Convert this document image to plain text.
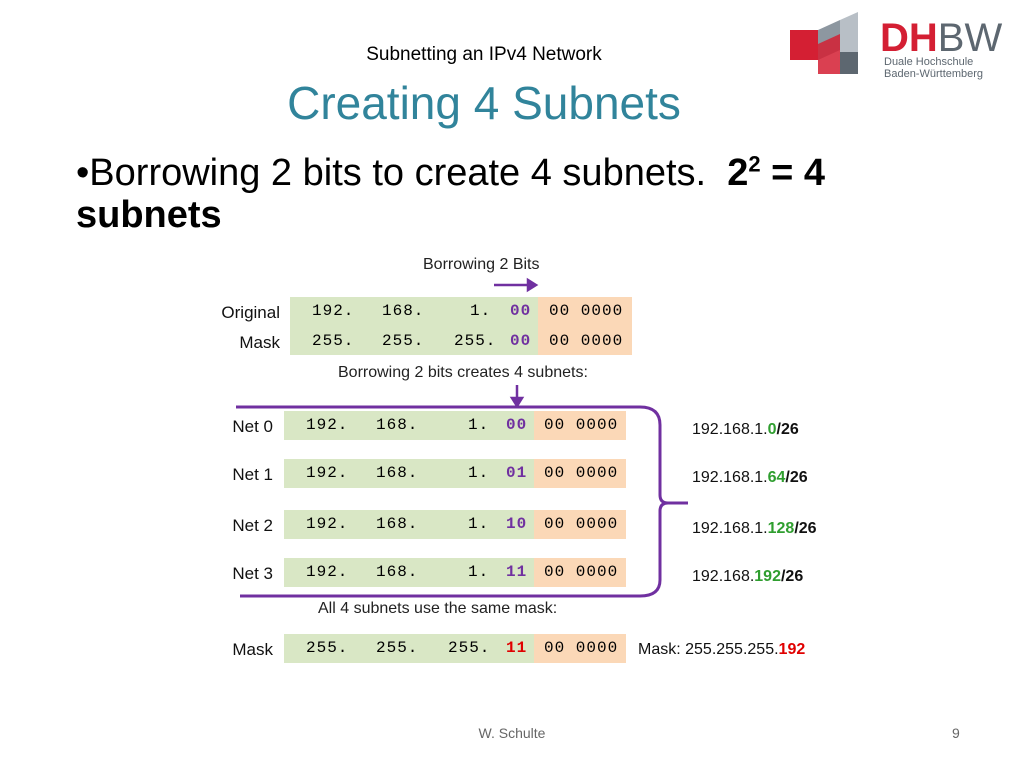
Subnetting an IPv4 Network
Creating 4 Subnets
DHBW
Duale Hochschule
Baden-Württemberg
•Borrowing 2 bits to create 4 subnets. $2^2 = 4$
subnets
Borrowing 2 Bits
Borrowing 2 bits creates 4 subnets:
All 4 subnets use the same mask:
Original 192. 168.	1. 00 00 0000
Mask 255. 255. 255. 00 00 0000
Net 0 192. 168.	1. 00 00 0000	192.168.1.0/26
Net 1 192. 168.	1. 01 00 0000	192.168.1.64/26
Net 2 192. 168.	1. 10 00 0000	192.168.1.128/26
Net 3 192. 168.	1. 11 00 0000	192.168.192/26
Mask 255. 255. 255. 11 00 0000 Mask: 255.255.255.192
W. Schulte	9
